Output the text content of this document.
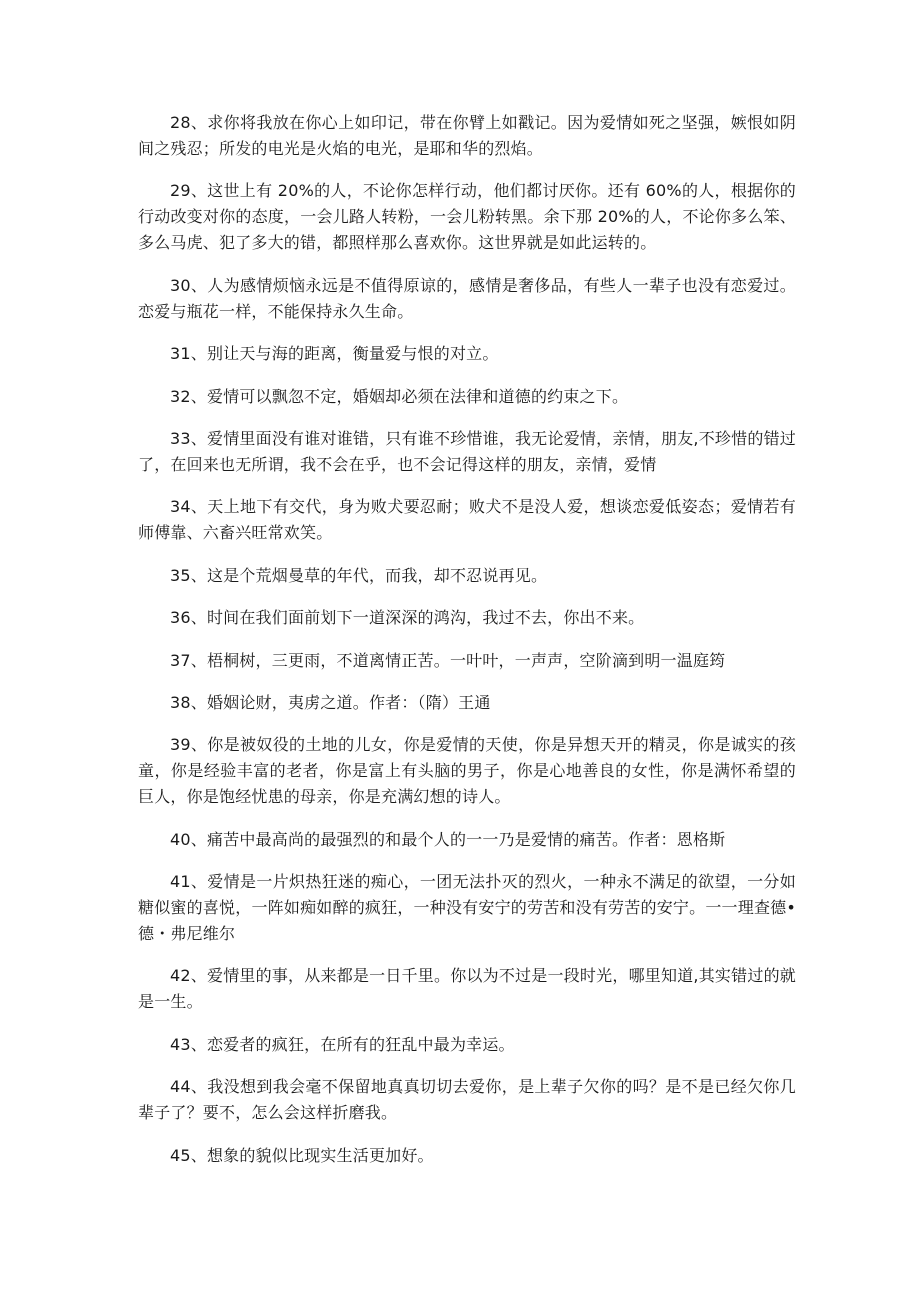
28、求你将我放在你心上如印记，带在你臂上如戳记。因为爱情如死之坚强，嫉恨如阴间之残忍；所发的电光是火焰的电光，是耶和华的烈焰。

29、这世上有 20%的人，不论你怎样行动，他们都讨厌你。还有 60%的人，根据你的行动改变对你的态度，一会儿路人转粉，一会儿粉转黑。余下那 20%的人，不论你多么笨、多么马虎、犯了多大的错，都照样那么喜欢你。这世界就是如此运转的。

30、人为感情烦恼永远是不值得原谅的，感情是奢侈品，有些人一辈子也没有恋爱过。恋爱与瓶花一样，不能保持永久生命。

31、别让天与海的距离，衡量爱与恨的对立。

32、爱情可以飘忽不定，婚姻却必须在法律和道德的约束之下。

33、爱情里面没有谁对谁错，只有谁不珍惜谁，我无论爱情，亲情，朋友,不珍惜的错过了，在回来也无所谓，我不会在乎，也不会记得这样的朋友，亲情，爱情

34、天上地下有交代，身为败犬要忍耐；败犬不是没人爱，想谈恋爱低姿态；爱情若有师傅靠、六畜兴旺常欢笑。

35、这是个荒烟曼草的年代，而我，却不忍说再见。

36、时间在我们面前划下一道深深的鸿沟，我过不去，你出不来。

37、梧桐树，三更雨，不道离情正苦。一叶叶，一声声，空阶滴到明一温庭筠

38、婚姻论财，夷虏之道。作者：（隋）王通

39、你是被奴役的土地的儿女，你是爱情的天使，你是异想天开的精灵，你是诚实的孩童，你是经验丰富的老者，你是富上有头脑的男子，你是心地善良的女性，你是满怀希望的巨人，你是饱经忧患的母亲，你是充满幻想的诗人。

40、痛苦中最高尚的最强烈的和最个人的一一乃是爱情的痛苦。作者：恩格斯

41、爱情是一片炽热狂迷的痴心，一团无法扑灭的烈火，一种永不满足的欲望，一分如糖似蜜的喜悦，一阵如痴如醉的疯狂，一种没有安宁的劳苦和没有劳苦的安宁。一一理查德•德・弗尼维尔

42、爱情里的事，从来都是一日千里。你以为不过是一段时光，哪里知道,其实错过的就是一生。

43、恋爱者的疯狂，在所有的狂乱中最为幸运。

44、我没想到我会毫不保留地真真切切去爱你，是上辈子欠你的吗？是不是已经欠你几辈子了？要不，怎么会这样折磨我。

45、想象的貌似比现实生活更加好。
